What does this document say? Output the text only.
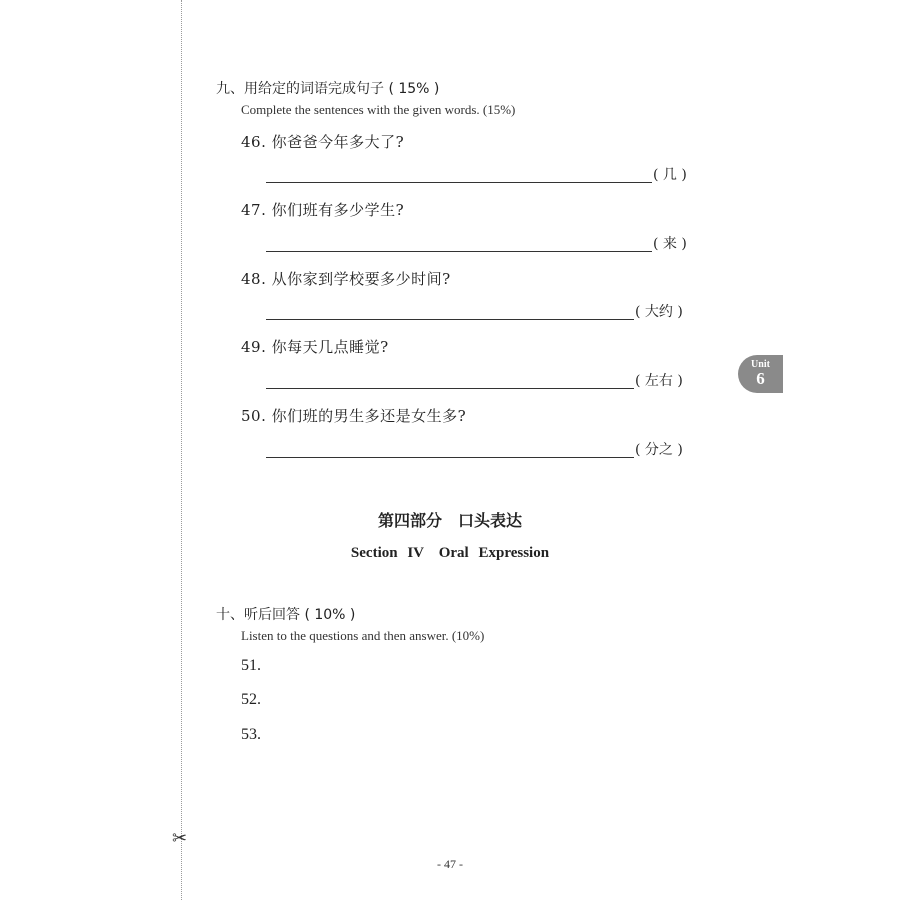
✂
九、用给定的词语完成句子 ( 15% )
Complete the sentences with the given words. (15%)
46. 你爸爸今年多大了?
( 几 )
47. 你们班有多少学生?
( 来 )
48. 从你家到学校要多少时间?
( 大约 )
49. 你每天几点睡觉?
( 左右 )
50. 你们班的男生多还是女生多?
( 分之 )
第四部分　口头表达
Section IV　Oral Expression
十、听后回答 ( 10% )
Listen to the questions and then answer. (10%)
51.
52.
53.
Unit
6
- 47 -
